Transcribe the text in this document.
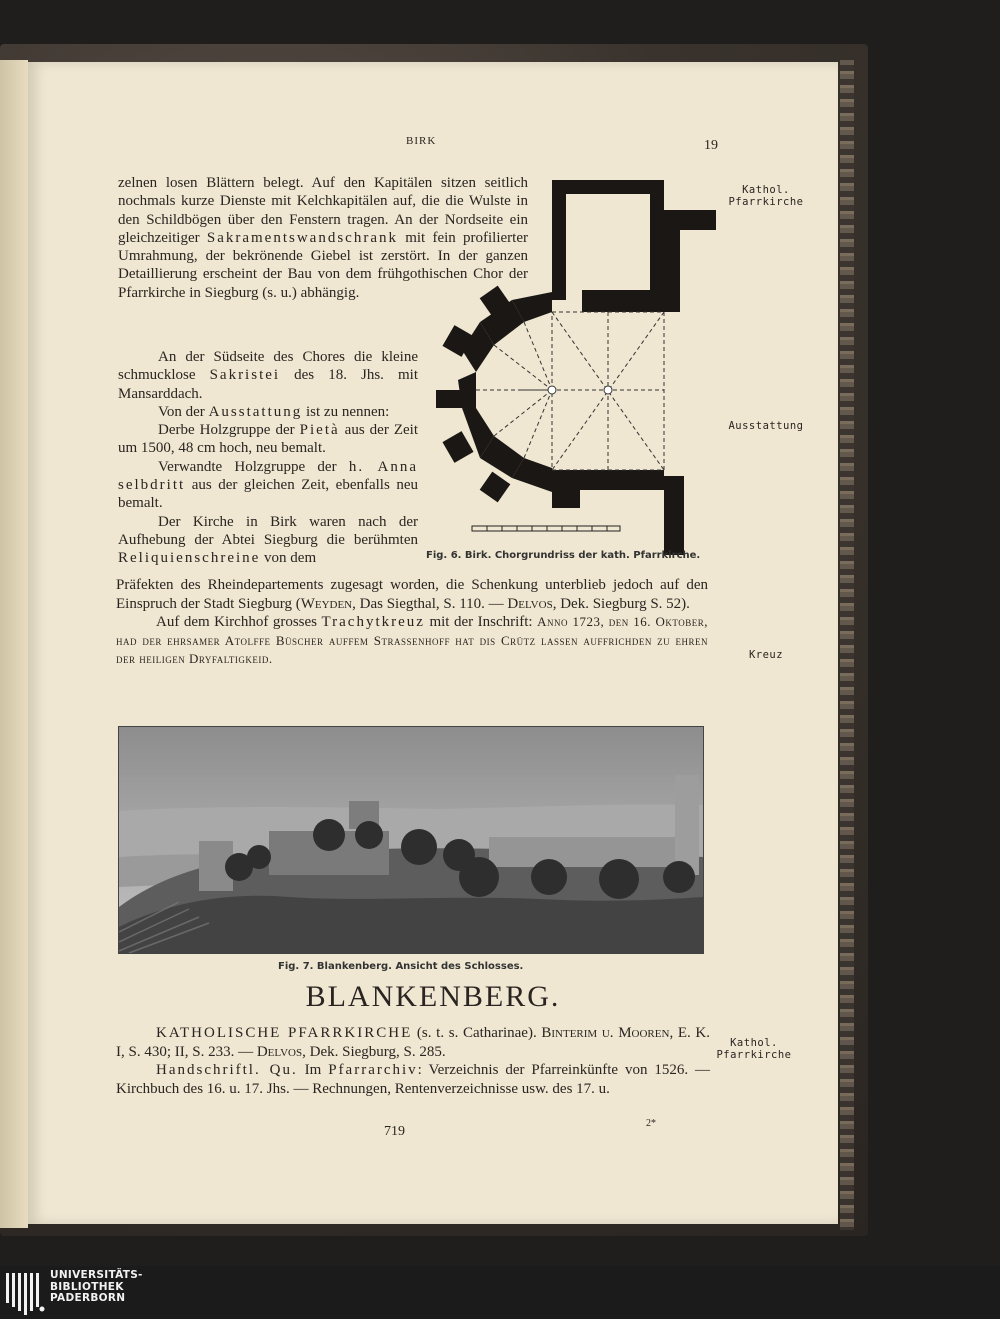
BIRK	19

zelnen losen Blättern belegt. Auf den Kapitälen sitzen seitlich nochmals kurze Dienste mit Kelchkapitälen auf, die die Wulste in den Schildbögen über den Fenstern tragen. An der Nordseite ein gleichzeitiger Sakramentswandschrank mit fein profilierter Umrahmung, der bekrönende Giebel ist zerstört. In der ganzen Detaillierung erscheint der Bau von dem frühgothischen Chor der Pfarrkirche in Siegburg (s. u.) abhängig.

An der Südseite des Chores die kleine schmucklose Sakristei des 18. Jhs. mit Mansarddach.

Von der Ausstattung ist zu nennen:

Derbe Holzgruppe der Pietà aus der Zeit um 1500, 48 cm hoch, neu bemalt.

Verwandte Holzgruppe der h. Anna selbdritt aus der gleichen Zeit, ebenfalls neu bemalt.

Der Kirche in Birk waren nach der Aufhebung der Abtei Siegburg die berühmten Reliquienschreine von dem	Fig. 6. Birk. Chorgrundriss der kath. Pfarrkirche.

Präfekten des Rheindepartements zugesagt worden, die Schenkung unterblieb jedoch auf den Einspruch der Stadt Siegburg (Weyden, Das Siegthal, S. 110. — Delvos, Dek. Siegburg S. 52).

Auf dem Kirchhof grosses Trachytkreuz mit der Inschrift: Anno 1723, den 16. Oktober, had der ehrsamer Atolffe Büscher auffem Strassenhoff hat dis Crütz lassen auffrichden zu ehren der heiligen Dryfaltigkeid.

Fig. 7. Blankenberg. Ansicht des Schlosses.
BLANKENBERG.

KATHOLISCHE PFARRKIRCHE (s. t. s. Catharinae). Binterim u. Mooren, E. K. I, S. 430; II, S. 233. — Delvos, Dek. Siegburg, S. 285.

Handschriftl. Qu. Im Pfarrarchiv: Verzeichnis der Pfarreinkünfte von 1526. — Kirchbuch des 16. u. 17. Jhs. — Rechnungen, Rentenverzeichnisse usw. des 17. u.

Kathol.
Pfarrkirche
Ausstattung
Kreuz
Kathol.
Pfarrkirche
719
2*
UNIVERSITÄTS-
BIBLIOTHEK
PADERBORN
